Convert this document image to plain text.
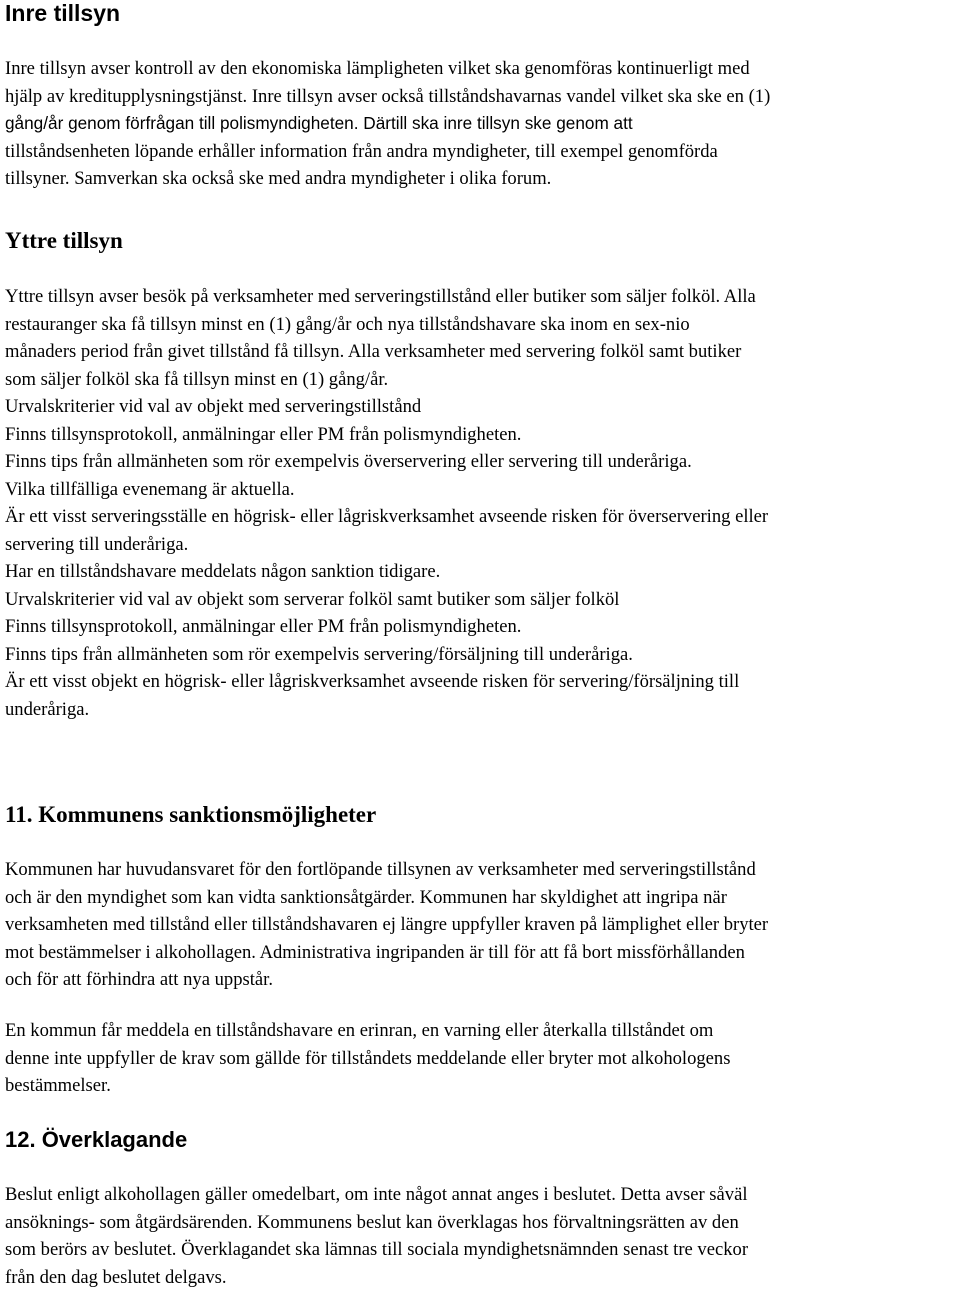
Inre tillsyn
Inre tillsyn avser kontroll av den ekonomiska lämpligheten vilket ska genomföras kontinuerligt med
hjälp av kreditupplysningstjänst. Inre tillsyn avser också tillståndshavarnas vandel vilket ska ske en (1)
gång/år genom förfrågan till polismyndigheten. Därtill ska inre tillsyn ske genom att
tillståndsenheten löpande erhåller information från andra myndigheter, till exempel genomförda
tillsyner. Samverkan ska också ske med andra myndigheter i olika forum.
Yttre tillsyn
Yttre tillsyn avser besök på verksamheter med serveringstillstånd eller butiker som säljer folköl. Alla
restauranger ska få tillsyn minst en (1) gång/år och nya tillståndshavare ska inom en sex-nio
månaders period från givet tillstånd få tillsyn. Alla verksamheter med servering folköl samt butiker
som säljer folköl ska få tillsyn minst en (1) gång/år.
Urvalskriterier vid val av objekt med serveringstillstånd
Finns tillsynsprotokoll, anmälningar eller PM från polismyndigheten.
Finns tips från allmänheten som rör exempelvis överservering eller servering till underåriga.
Vilka tillfälliga evenemang är aktuella.
Är ett visst serveringsställe en högrisk- eller lågriskverksamhet avseende risken för överservering eller
servering till underåriga.
Har en tillståndshavare meddelats någon sanktion tidigare.
Urvalskriterier vid val av objekt som serverar folköl samt butiker som säljer folköl
Finns tillsynsprotokoll, anmälningar eller PM från polismyndigheten.
Finns tips från allmänheten som rör exempelvis servering/försäljning till underåriga.
Är ett visst objekt en högrisk- eller lågriskverksamhet avseende risken för servering/försäljning till
underåriga.
11. Kommunens sanktionsmöjligheter
Kommunen har huvudansvaret för den fortlöpande tillsynen av verksamheter med serveringstillstånd
och är den myndighet som kan vidta sanktionsåtgärder. Kommunen har skyldighet att ingripa när
verksamheten med tillstånd eller tillståndshavaren ej längre uppfyller kraven på lämplighet eller bryter
mot bestämmelser i alkohollagen. Administrativa ingripanden är till för att få bort missförhållanden
och för att förhindra att nya uppstår.
En kommun får meddela en tillståndshavare en erinran, en varning eller återkalla tillståndet om
denne inte uppfyller de krav som gällde för tillståndets meddelande eller bryter mot alkohologens
bestämmelser.
12. Överklagande
Beslut enligt alkohollagen gäller omedelbart, om inte något annat anges i beslutet. Detta avser såväl
ansöknings- som åtgärdsärenden. Kommunens beslut kan överklagas hos förvaltningsrätten av den
som berörs av beslutet. Överklagandet ska lämnas till sociala myndighetsnämnden senast tre veckor
från den dag beslutet delgavs.
